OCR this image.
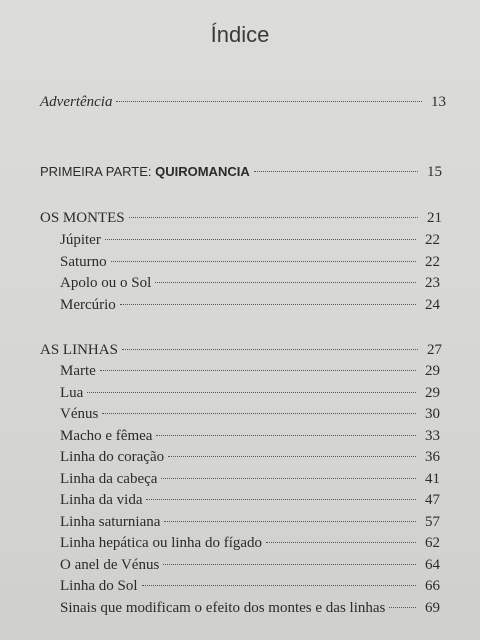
Índice
Advertência	13
PRIMEIRA PARTE: QUIROMANCIA	15
OS MONTES	21
Júpiter	22
Saturno	22
Apolo ou o Sol	23
Mercúrio	24
AS LINHAS	27
Marte	29
Lua	29
Vénus	30
Macho e fêmea	33
Linha do coração	36
Linha da cabeça	41
Linha da vida	47
Linha saturniana	57
Linha hepática ou linha do fígado	62
O anel de Vénus	64
Linha do Sol	66
Sinais que modificam o efeito dos montes e das linhas	69
